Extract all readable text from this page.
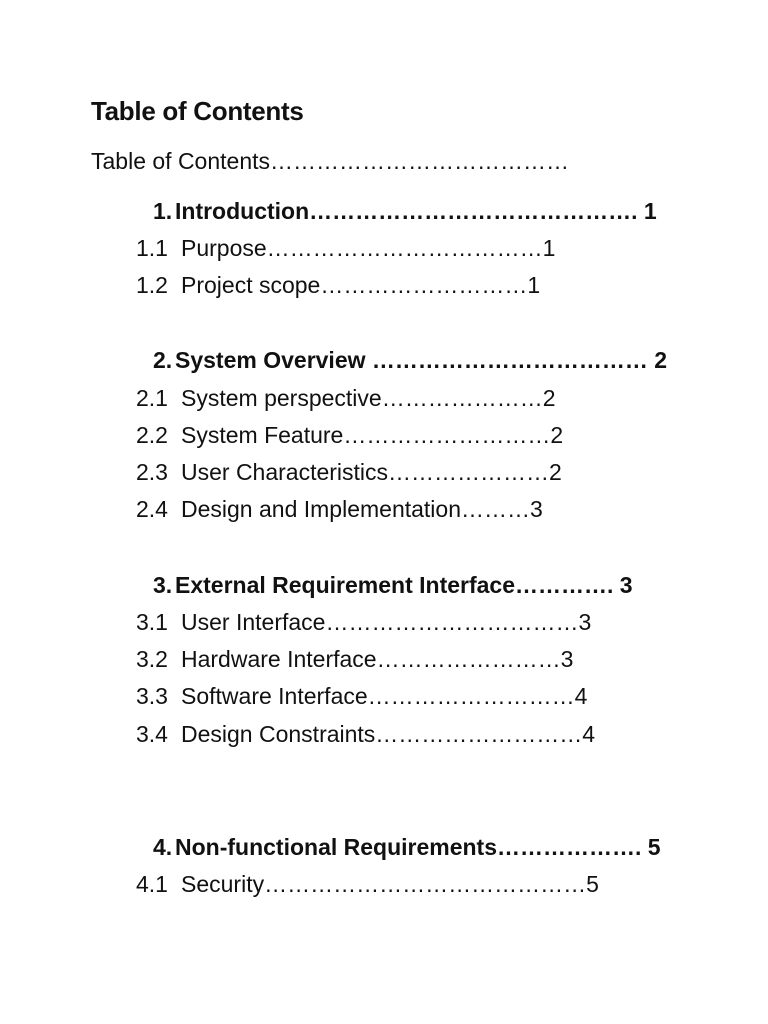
Table of Contents
Table of Contents…………………………………
1. Introduction……………………………………. 1
1.1 Purpose………………………………1
1.2 Project scope………………………1
2. System Overview ……………………………… 2
2.1 System perspective…………………2
2.2 System Feature………………………2
2.3 User Characteristics…………………2
2.4 Design and Implementation………3
3. External Requirement Interface…………. 3
3.1 User Interface……………………………3
3.2 Hardware Interface……………………3
3.3 Software Interface………………………4
3.4 Design Constraints………………………4
4. Non-functional Requirements………………. 5
4.1 Security……………………………………5
